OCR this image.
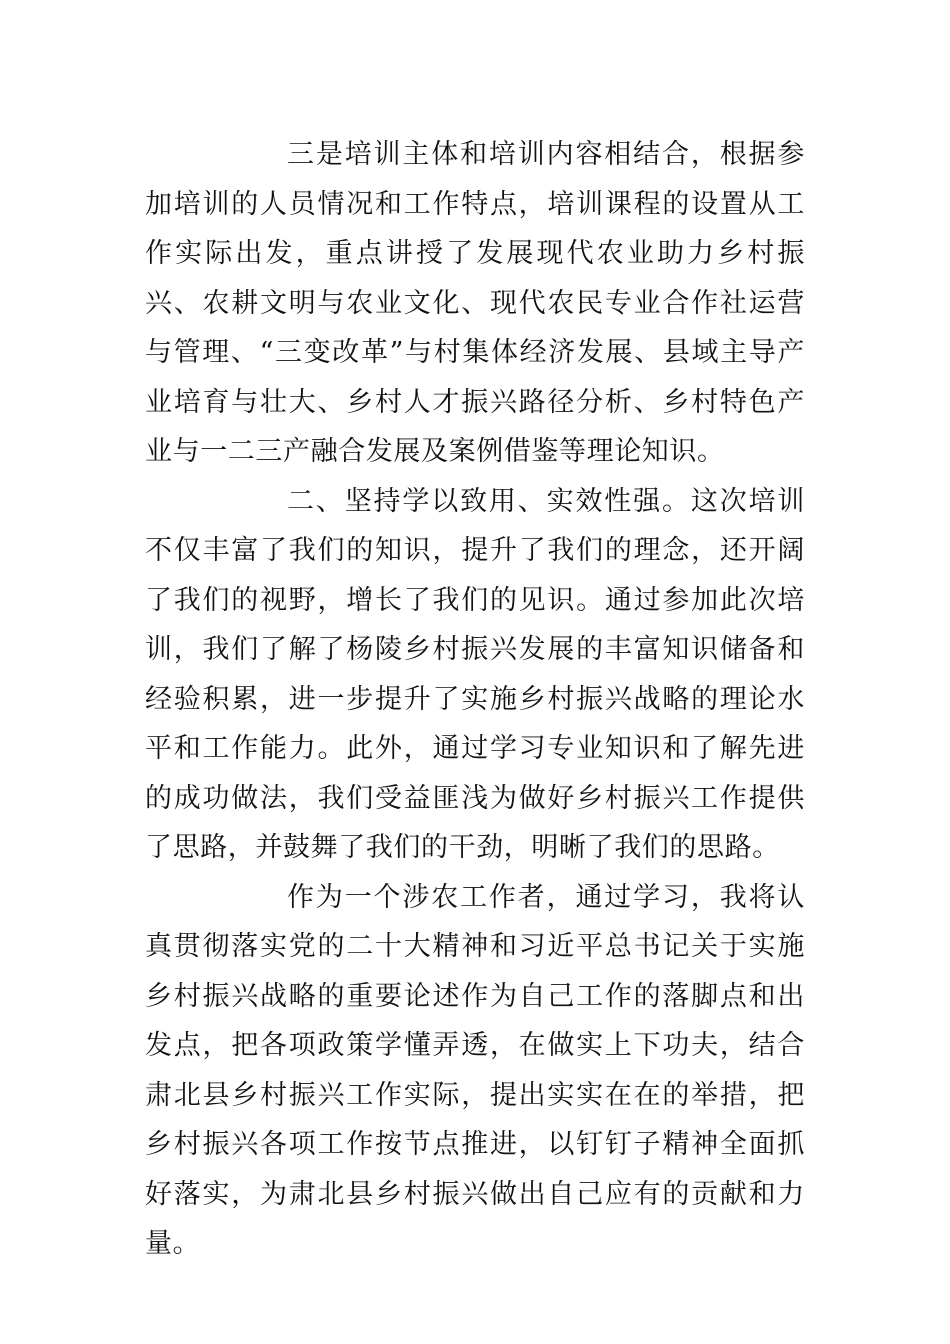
三是培训主体和培训内容相结合，根据参加培训的人员情况和工作特点，培训课程的设置从工作实际出发，重点讲授了发展现代农业助力乡村振兴、农耕文明与农业文化、现代农民专业合作社运营与管理、“三变改革”与村集体经济发展、县域主导产业培育与壮大、乡村人才振兴路径分析、乡村特色产业与一二三产融合发展及案例借鉴等理论知识。

二、坚持学以致用、实效性强。这次培训不仅丰富了我们的知识，提升了我们的理念，还开阔了我们的视野，增长了我们的见识。通过参加此次培训，我们了解了杨陵乡村振兴发展的丰富知识储备和经验积累，进一步提升了实施乡村振兴战略的理论水平和工作能力。此外，通过学习专业知识和了解先进的成功做法，我们受益匪浅为做好乡村振兴工作提供了思路，并鼓舞了我们的干劲，明晰了我们的思路。

作为一个涉农工作者，通过学习，我将认真贯彻落实党的二十大精神和习近平总书记关于实施乡村振兴战略的重要论述作为自己工作的落脚点和出发点，把各项政策学懂弄透，在做实上下功夫，结合肃北县乡村振兴工作实际，提出实实在在的举措，把乡村振兴各项工作按节点推进，以钉钉子精神全面抓好落实，为肃北县乡村振兴做出自己应有的贡献和力量。
